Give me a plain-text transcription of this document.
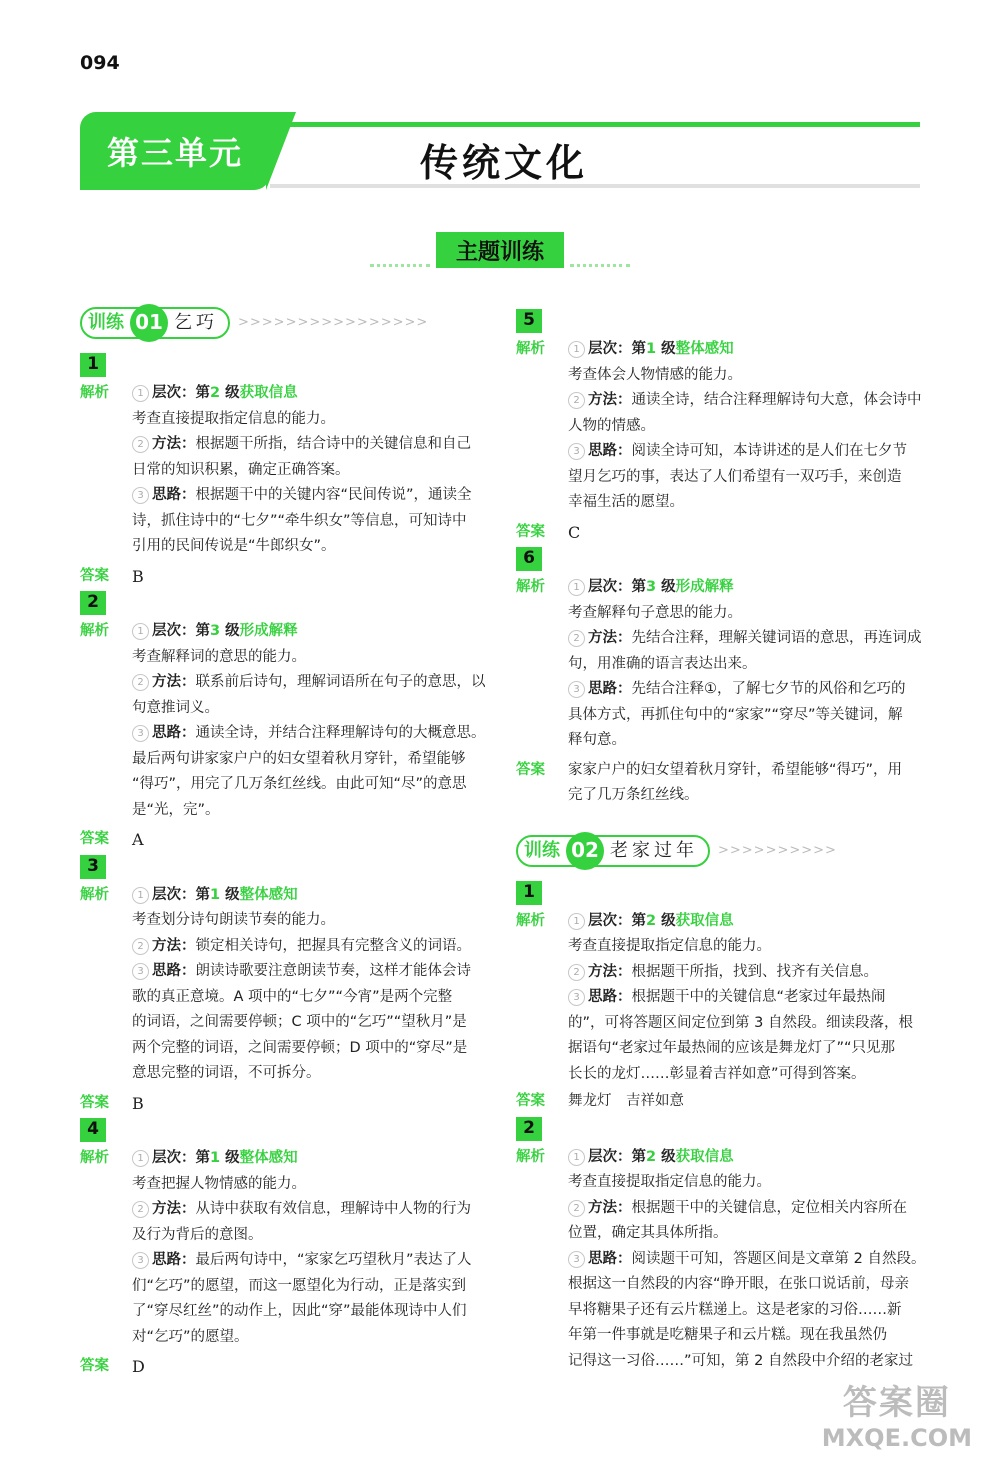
094
第三单元	传统文化
主题训练
训练 01 乞巧 >>>>>>>>>>>>>>>>
1
解析	1 层次：第2 级获取信息
考查直接提取指定信息的能力。
2 方法：根据题干所指，结合诗中的关键信息和自己
日常的知识积累，确定正确答案。
3 思路：根据题干中的关键内容“民间传说”，通读全
诗，抓住诗中的“七夕”“牵牛织女”等信息，可知诗中
引用的民间传说是“牛郎织女”。
答案	B
2
解析	1 层次：第3 级形成解释
考查解释词的意思的能力。
2 方法：联系前后诗句，理解词语所在句子的意思，以
句意推词义。
3 思路：通读全诗，并结合注释理解诗句的大概意思。
最后两句讲家家户户的妇女望着秋月穿针，希望能够
“得巧”，用完了几万条红丝线。由此可知“尽”的意思
是“光，完”。
答案	A
3
解析	1 层次：第1 级整体感知
考查划分诗句朗读节奏的能力。
2 方法：锁定相关诗句，把握具有完整含义的词语。
3 思路：朗读诗歌要注意朗读节奏，这样才能体会诗
歌的真正意境。A 项中的“七夕”“今宵”是两个完整
的词语，之间需要停顿；C 项中的“乞巧”“望秋月”是
两个完整的词语，之间需要停顿；D 项中的“穿尽”是
意思完整的词语，不可拆分。
答案	B
4
解析	1 层次：第1 级整体感知
考查把握人物情感的能力。
2 方法：从诗中获取有效信息，理解诗中人物的行为
及行为背后的意图。
3 思路：最后两句诗中，“家家乞巧望秋月”表达了人
们“乞巧”的愿望，而这一愿望化为行动，正是落实到
了“穿尽红丝”的动作上，因此“穿”最能体现诗中人们
对“乞巧”的愿望。
答案	D
5
解析	1 层次：第1 级整体感知
考查体会人物情感的能力。
2 方法：通读全诗，结合注释理解诗句大意，体会诗中
人物的情感。
3 思路：阅读全诗可知，本诗讲述的是人们在七夕节
望月乞巧的事，表达了人们希望有一双巧手，来创造
幸福生活的愿望。
答案	C
6
解析	1 层次：第3 级形成解释
考查解释句子意思的能力。
2 方法：先结合注释，理解关键词语的意思，再连词成
句，用准确的语言表达出来。
3 思路：先结合注释①，了解七夕节的风俗和乞巧的
具体方式，再抓住句中的“家家”“穿尽”等关键词，解
释句意。
答案	家家户户的妇女望着秋月穿针，希望能够“得巧”，用
完了几万条红丝线。
训练 02 老家过年 >>>>>>>>>>
1
解析	1 层次：第2 级获取信息
考查直接提取指定信息的能力。
2 方法：根据题干所指，找到、找齐有关信息。
3 思路：根据题干中的关键信息“老家过年最热闹
的”，可将答题区间定位到第 3 自然段。细读段落，根
据语句“老家过年最热闹的应该是舞龙灯了”“只见那
长长的龙灯……彰显着吉祥如意”可得到答案。
答案	舞龙灯　吉祥如意
2
解析	1 层次：第2 级获取信息
考查直接提取指定信息的能力。
2 方法：根据题干中的关键信息，定位相关内容所在
位置，确定其具体所指。
3 思路：阅读题干可知，答题区间是文章第 2 自然段。
根据这一自然段的内容“睁开眼，在张口说话前，母亲
早将糖果子还有云片糕递上。这是老家的习俗……新
年第一件事就是吃糖果子和云片糕。现在我虽然仍
记得这一习俗……”可知，第 2 自然段中介绍的老家过
答案圈
MXQE.COM
